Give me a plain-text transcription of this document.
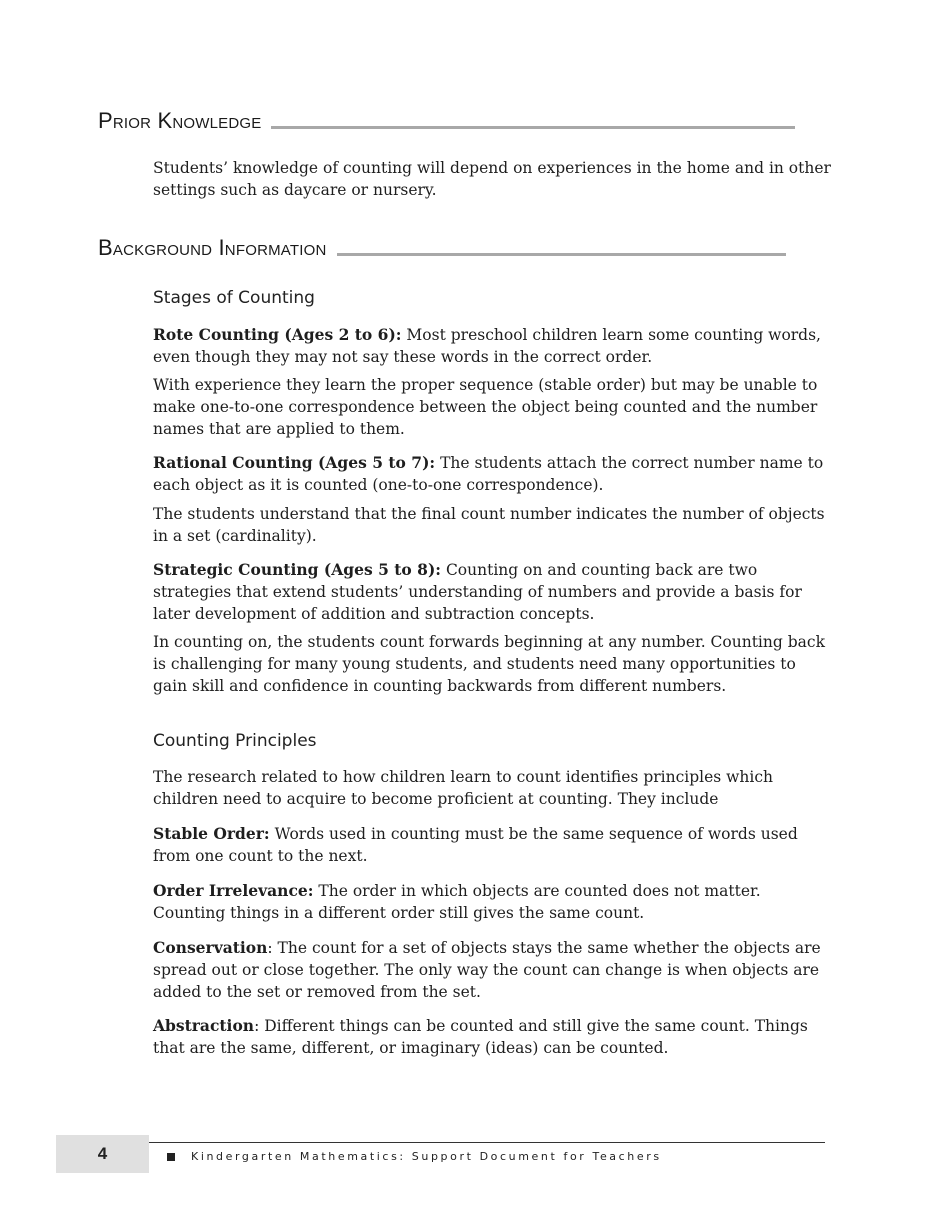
Prior Knowledge

Students’ knowledge of counting will depend on experiences in the home and in other settings such as daycare or nursery.

Background Information

Stages of Counting

Rote Counting (Ages 2 to 6): Most preschool children learn some counting words, even though they may not say these words in the correct order.

With experience they learn the proper sequence (stable order) but may be unable to make one-to-one correspondence between the object being counted and the number names that are applied to them.

Rational Counting (Ages 5 to 7): The students attach the correct number name to each object as it is counted (one-to-one correspondence).

The students understand that the final count number indicates the number of objects in a set (cardinality).

Strategic Counting (Ages 5 to 8): Counting on and counting back are two strategies that extend students’ understanding of numbers and provide a basis for later development of addition and subtraction concepts.

In counting on, the students count forwards beginning at any number. Counting back is challenging for many young students, and students need many opportunities to gain skill and confidence in counting backwards from different numbers.

Counting Principles

The research related to how children learn to count identifies principles which children need to acquire to become proficient at counting. They include

Stable Order: Words used in counting must be the same sequence of words used from one count to the next.

Order Irrelevance: The order in which objects are counted does not matter. Counting things in a different order still gives the same count.

Conservation: The count for a set of objects stays the same whether the objects are spread out or close together. The only way the count can change is when objects are added to the set or removed from the set.

Abstraction: Different things can be counted and still give the same count. Things that are the same, different, or imaginary (ideas) can be counted.

4	Kindergarten Mathematics: Support Document for Teachers
